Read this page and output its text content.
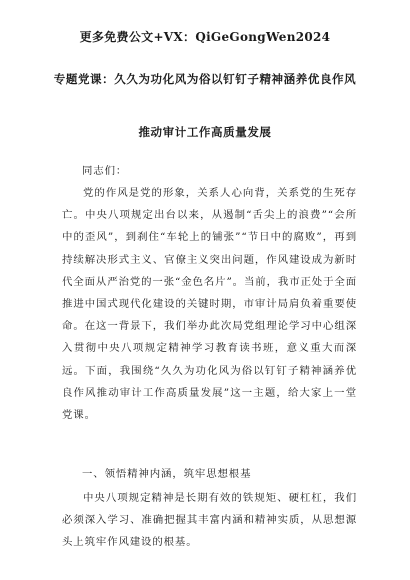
更多免费公文+VX：QiGeGongWen2024
专题党课：久久为功化风为俗以钉钉子精神涵养优良作风
推动审计工作高质量发展
同志们：
党的作风是党的形象，关系人心向背，关系党的生死存亡。中央八项规定出台以来，从遏制“舌尖上的浪费”“会所中的歪风”，到刹住“车轮上的铺张”“节日中的腐败”，再到持续解决形式主义、官僚主义突出问题，作风建设成为新时代全面从严治党的一张“金色名片”。当前，我市正处于全面推进中国式现代化建设的关键时期，市审计局肩负着重要使命。在这一背景下，我们举办此次局党组理论学习中心组深入贯彻中央八项规定精神学习教育读书班，意义重大而深远。下面，我围绕“久久为功化风为俗以钉钉子精神涵养优良作风推动审计工作高质量发展”这一主题，给大家上一堂党课。
一、领悟精神内涵，筑牢思想根基
中央八项规定精神是长期有效的铁规矩、硬杠杠，我们必须深入学习、准确把握其丰富内涵和精神实质，从思想源头上筑牢作风建设的根基。
